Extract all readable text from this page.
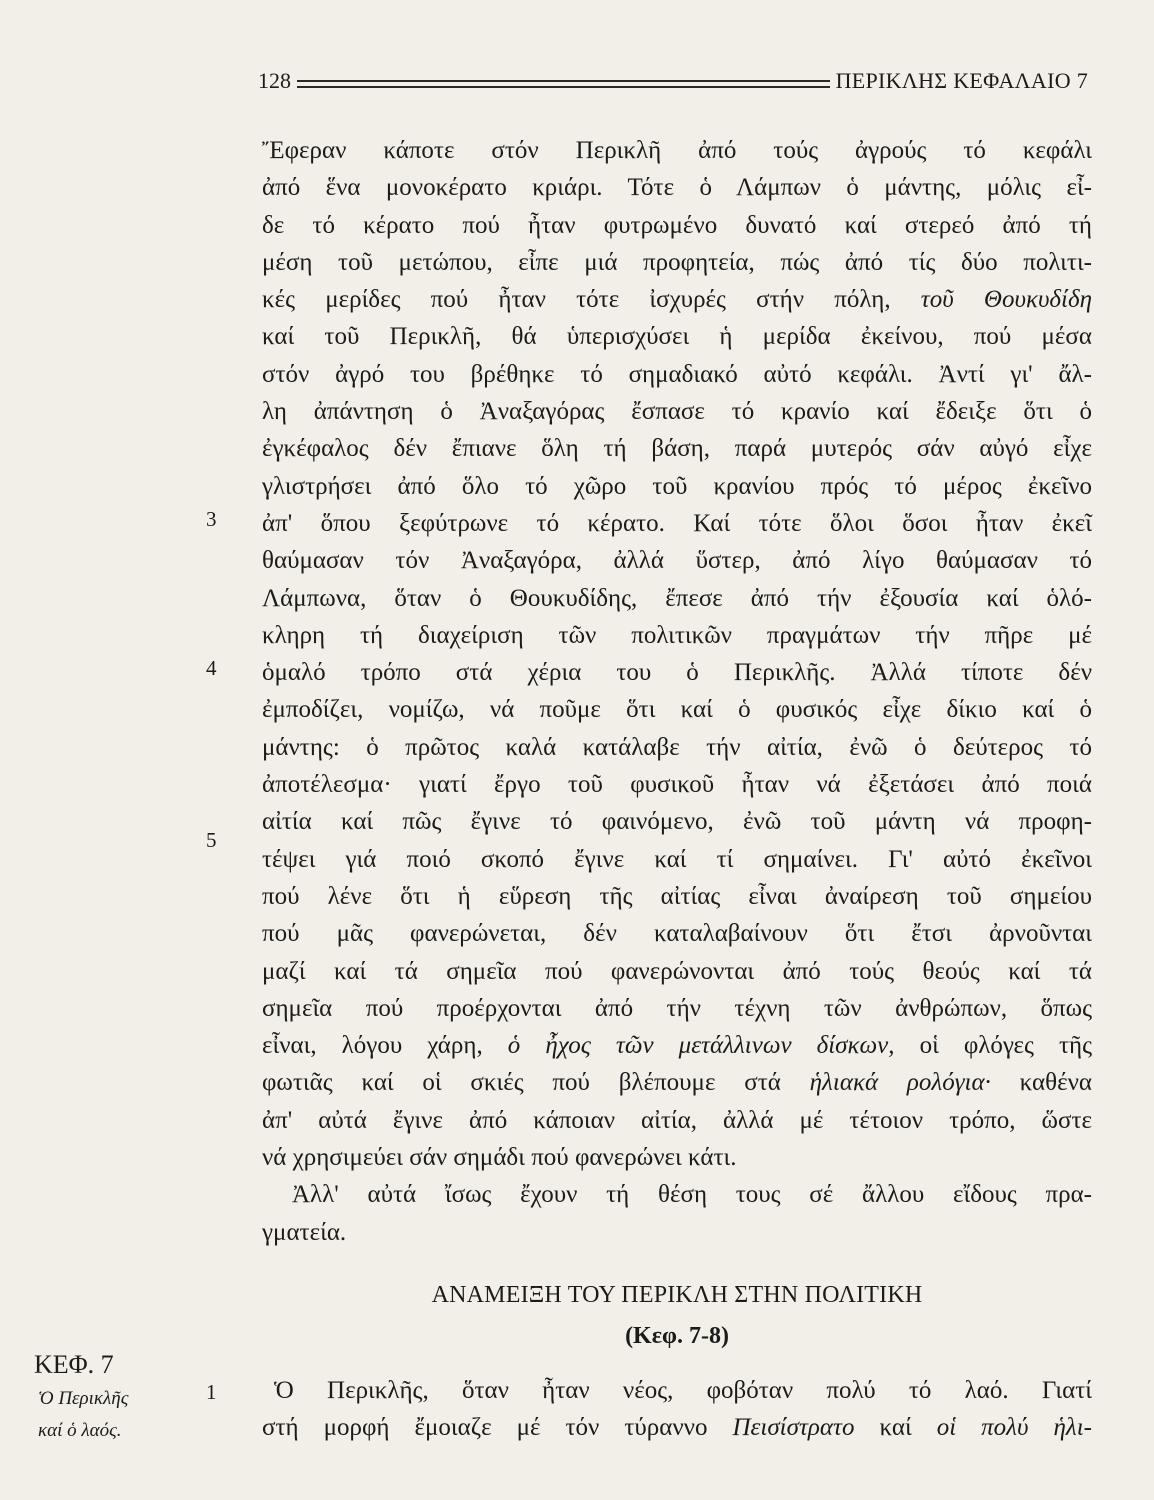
128	ΠΕΡΙΚΛΗΣ ΚΕΦΑΛΑΙΟ 7
Ἔφεραν κάποτε στόν Περικλῆ ἀπό τούς ἀγρούς τό κεφάλι
ἀπό ἕνα μονοκέρατο κριάρι. Τότε ὁ Λάμπων ὁ μάντης, μόλις εἶ-
δε τό κέρατο πού ἦταν φυτρωμένο δυνατό καί στερεό ἀπό τή
μέση τοῦ μετώπου, εἶπε μιά προφητεία, πώς ἀπό τίς δύο πολιτι-
κές μερίδες πού ἦταν τότε ἰσχυρές στήν πόλη, τοῦ Θουκυδίδη
καί τοῦ Περικλῆ, θά ὑπερισχύσει ἡ μερίδα ἐκείνου, πού μέσα
στόν ἀγρό του βρέθηκε τό σημαδιακό αὐτό κεφάλι. Ἀντί γι' ἄλ-
λη ἀπάντηση ὁ Ἀναξαγόρας ἔσπασε τό κρανίο καί ἔδειξε ὅτι ὁ
ἐγκέφαλος δέν ἔπιανε ὅλη τή βάση, παρά μυτερός σάν αὐγό εἶχε
γλιστρήσει ἀπό ὅλο τό χῶρο τοῦ κρανίου πρός τό μέρος ἐκεῖνο
ἀπ' ὅπου ξεφύτρωνε τό κέρατο. Καί τότε ὅλοι ὅσοι ἦταν ἐκεῖ
θαύμασαν τόν Ἀναξαγόρα, ἀλλά ὕστερ, ἀπό λίγο θαύμασαν τό
Λάμπωνα, ὅταν ὁ Θουκυδίδης, ἔπεσε ἀπό τήν ἐξουσία καί ὁλό-
κληρη τή διαχείριση τῶν πολιτικῶν πραγμάτων τήν πῆρε μέ
ὁμαλό τρόπο στά χέρια του ὁ Περικλῆς. Ἀλλά τίποτε δέν
ἐμποδίζει, νομίζω, νά ποῦμε ὅτι καί ὁ φυσικός εἶχε δίκιο καί ὁ
μάντης: ὁ πρῶτος καλά κατάλαβε τήν αἰτία, ἐνῶ ὁ δεύτερος τό
ἀποτέλεσμα· γιατί ἔργο τοῦ φυσικοῦ ἦταν νά ἐξετάσει ἀπό ποιά
αἰτία καί πῶς ἔγινε τό φαινόμενο, ἐνῶ τοῦ μάντη νά προφη-
τέψει γιά ποιό σκοπό ἔγινε καί τί σημαίνει. Γι' αὐτό ἐκεῖνοι
πού λένε ὅτι ἡ εὕρεση τῆς αἰτίας εἶναι ἀναίρεση τοῦ σημείου
πού μᾶς φανερώνεται, δέν καταλαβαίνουν ὅτι ἔτσι ἀρνοῦνται
μαζί καί τά σημεῖα πού φανερώνονται ἀπό τούς θεούς καί τά
σημεῖα πού προέρχονται ἀπό τήν τέχνη τῶν ἀνθρώπων, ὅπως
εἶναι, λόγου χάρη, ὁ ἦχος τῶν μετάλλινων δίσκων, οἱ φλόγες τῆς
φωτιᾶς καί οἱ σκιές πού βλέπουμε στά ἡλιακά ρολόγια· καθένα
ἀπ' αὐτά ἔγινε ἀπό κάποιαν αἰτία, ἀλλά μέ τέτοιον τρόπο, ὥστε
νά χρησιμεύει σάν σημάδι πού φανερώνει κάτι.
Ἀλλ' αὐτά ἴσως ἔχουν τή θέση τους σέ ἄλλου εἴδους πρα-
γματεία.
3
4
5
ΑΝΑΜΕΙΞΗ ΤΟΥ ΠΕΡΙΚΛΗ ΣΤΗΝ ΠΟΛΙΤΙΚΗ
(Κεφ. 7-8)
ΚΕΦ. 7
Ὁ Περικλῆς
καί ὁ λαός.
1	Ὁ Περικλῆς, ὅταν ἦταν νέος, φοβόταν πολύ τό λαό. Γιατί
στή μορφή ἔμοιαζε μέ τόν τύραννο Πεισίστρατο καί οἱ πολύ ἡλι-
